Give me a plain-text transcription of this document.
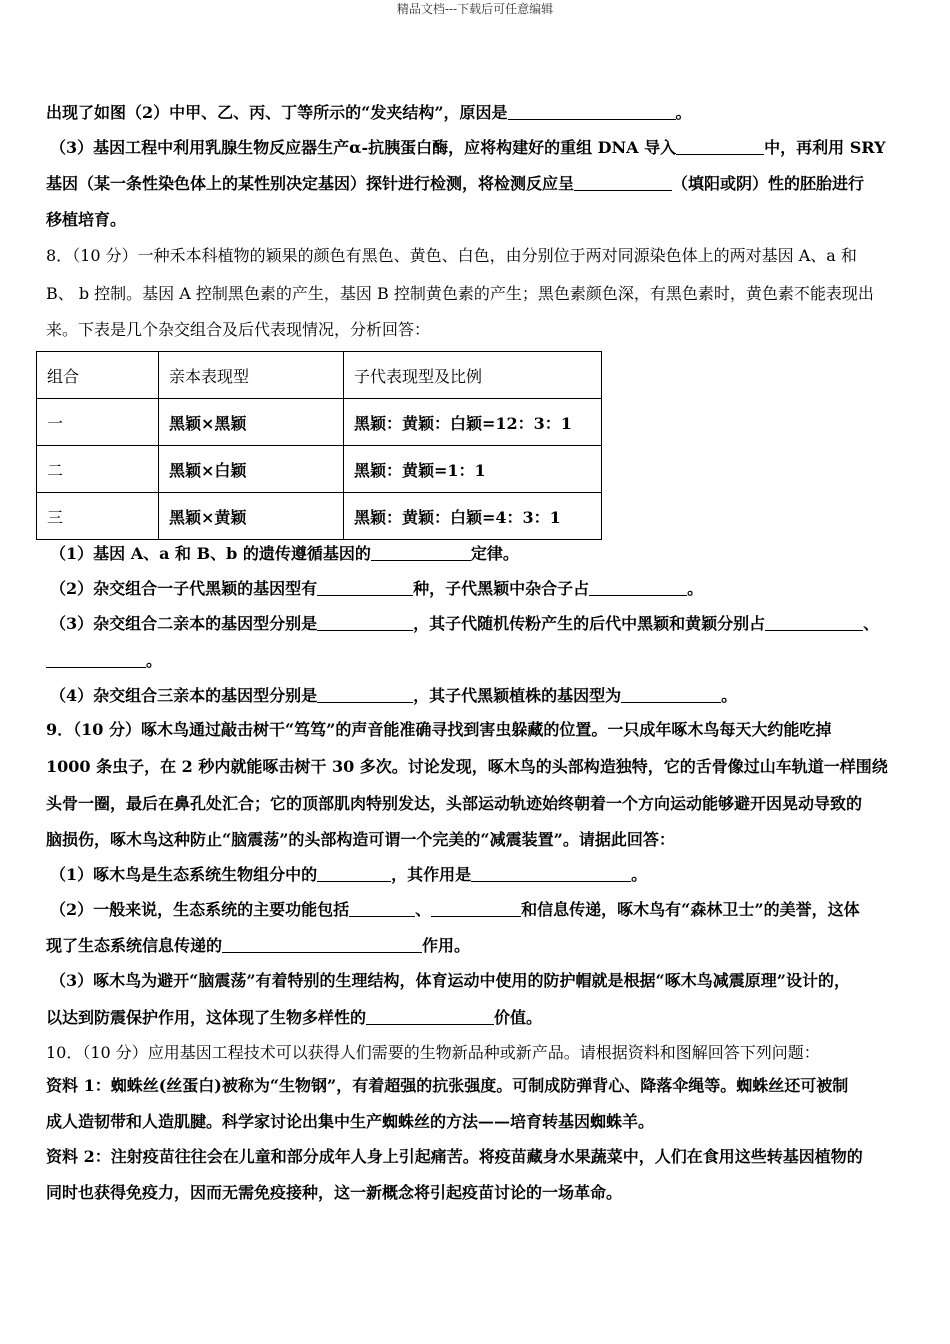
精品文档---下载后可任意编辑
出现了如图（2）中甲、乙、丙、丁等所示的“发夹结构”，原因是	。
（3）基因工程中利用乳腺生物反应器生产α-抗胰蛋白酶，应将构建好的重组 DNA 导入	中，再利用 SRY
基因（某一条性染色体上的某性别决定基因）探针进行检测，将检测反应呈	（填阳或阴）性的胚胎进行
移植培育。
8．（10 分）一种禾本科植物的颖果的颜色有黑色、黄色、白色，由分别位于两对同源染色体上的两对基因 A、a 和
B、 b 控制。基因 A 控制黑色素的产生，基因 B 控制黄色素的产生；黑色素颜色深，有黑色素时，黄色素不能表现出
来。下表是几个杂交组合及后代表现情况，分析回答：
组合	亲本表现型	子代表现型及比例
一	黑颖×黑颖	黑颖：黄颖：白颖=12：3：1
二	黑颖×白颖	黑颖：黄颖=1：1
三	黑颖×黄颖	黑颖：黄颖：白颖=4：3：1
（1）基因 A、a 和 B、b 的遗传遵循基因的	定律。
（2）杂交组合一子代黑颖的基因型有	种，子代黑颖中杂合子占	。
（3）杂交组合二亲本的基因型分别是	，其子代随机传粉产生的后代中黑颖和黄颖分别占	、
。
（4）杂交组合三亲本的基因型分别是	，其子代黑颖植株的基因型为	。
9．（10 分）啄木鸟通过敲击树干“笃笃”的声音能准确寻找到害虫躲藏的位置。一只成年啄木鸟每天大约能吃掉
1000 条虫子，在 2 秒内就能啄击树干 30 多次。讨论发现，啄木鸟的头部构造独特，它的舌骨像过山车轨道一样围绕
头骨一圈，最后在鼻孔处汇合；它的顶部肌肉特别发达，头部运动轨迹始终朝着一个方向运动能够避开因晃动导致的
脑损伤，啄木鸟这种防止“脑震荡”的头部构造可谓一个完美的“减震装置”。请据此回答：
（1）啄木鸟是生态系统生物组分中的	，其作用是	。
（2）一般来说，生态系统的主要功能包括	、	和信息传递，啄木鸟有“森林卫士”的美誉，这体
现了生态系统信息传递的	作用。
（3）啄木鸟为避开“脑震荡”有着特别的生理结构，体育运动中使用的防护帽就是根据“啄木鸟减震原理”设计的，
以达到防震保护作用，这体现了生物多样性的	价值。
10．（10 分）应用基因工程技术可以获得人们需要的生物新品种或新产品。请根据资料和图解回答下列问题：
资料 1：蜘蛛丝(丝蛋白)被称为“生物钢”，有着超强的抗张强度。可制成防弹背心、降落伞绳等。蜘蛛丝还可被制
成人造韧带和人造肌腱。科学家讨论出集中生产蜘蛛丝的方法——培育转基因蜘蛛羊。
资料 2：注射疫苗往往会在儿童和部分成年人身上引起痛苦。将疫苗藏身水果蔬菜中，人们在食用这些转基因植物的
同时也获得免疫力，因而无需免疫接种，这一新概念将引起疫苗讨论的一场革命。
